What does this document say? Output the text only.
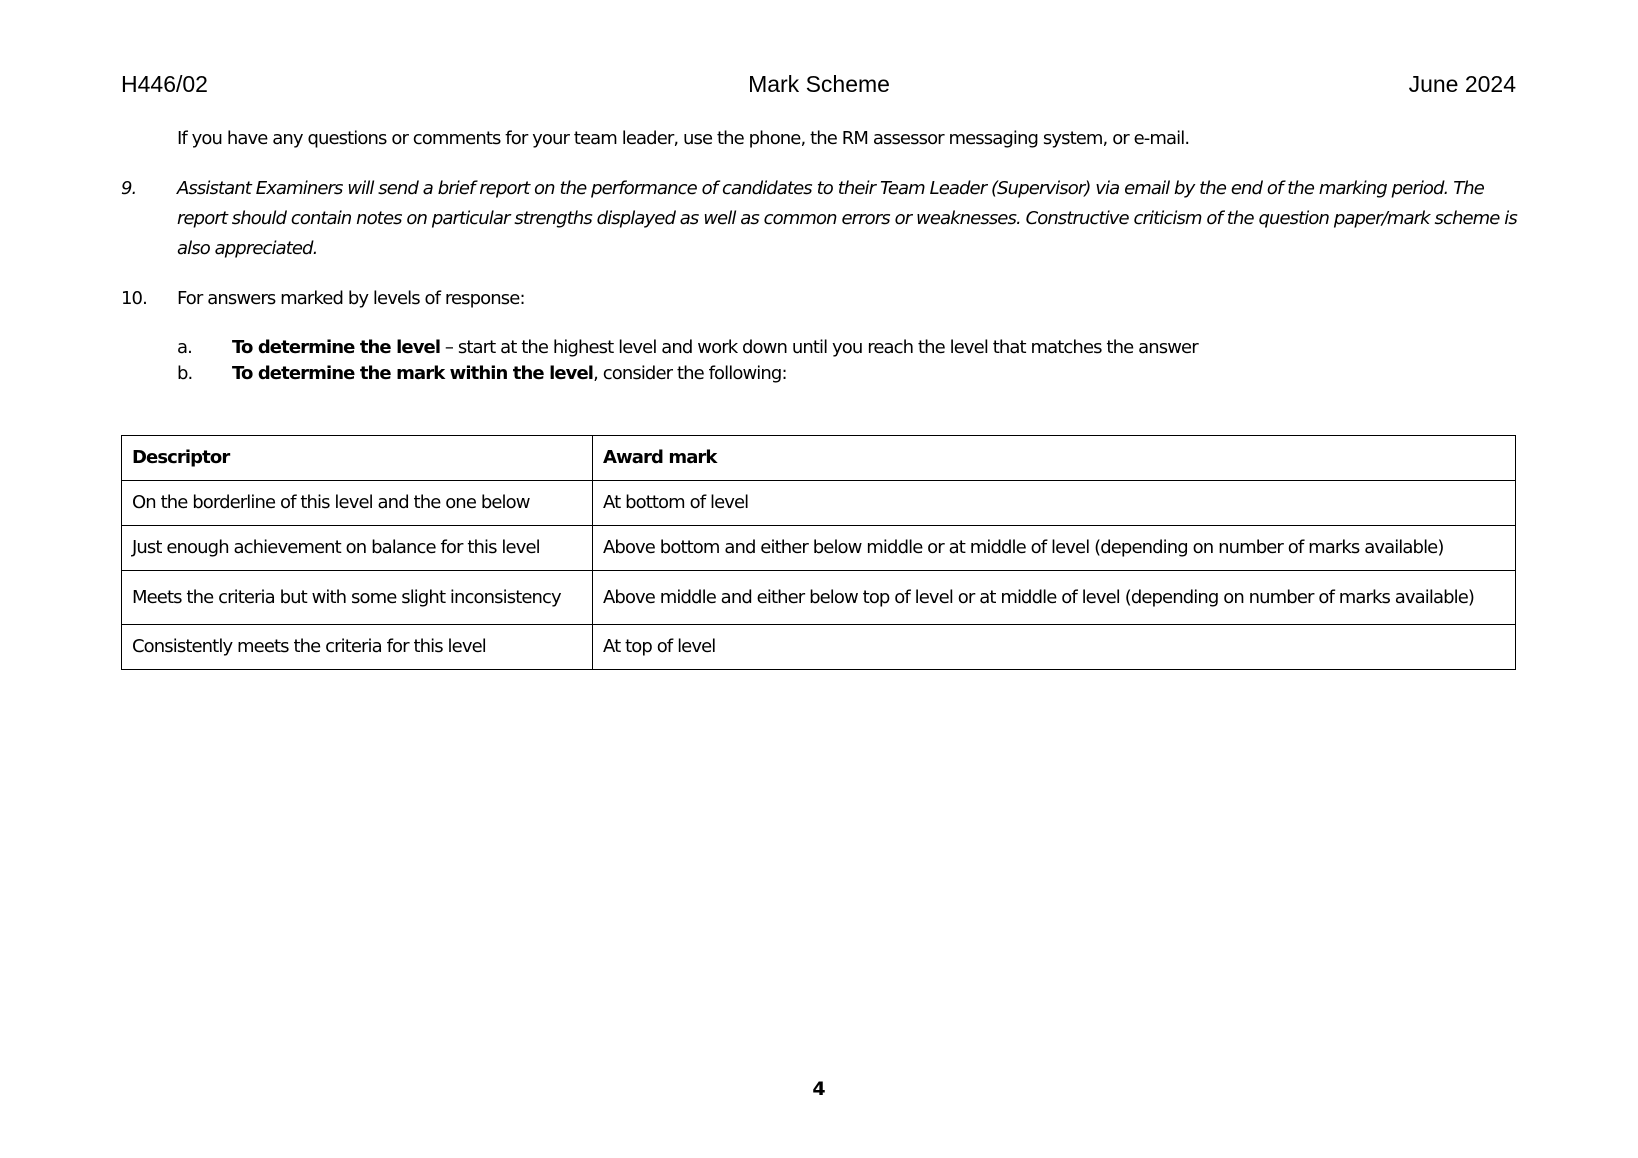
H446/02	Mark Scheme	June 2024
If you have any questions or comments for your team leader, use the phone, the RM assessor messaging system, or e-mail.
9. Assistant Examiners will send a brief report on the performance of candidates to their Team Leader (Supervisor) via email by the end of the marking period. The report should contain notes on particular strengths displayed as well as common errors or weaknesses. Constructive criticism of the question paper/mark scheme is also appreciated.
10. For answers marked by levels of response:
a. To determine the level – start at the highest level and work down until you reach the level that matches the answer
b. To determine the mark within the level, consider the following:
Descriptor	Award mark
On the borderline of this level and the one below	At bottom of level
Just enough achievement on balance for this level	Above bottom and either below middle or at middle of level (depending on number of marks available)
Meets the criteria but with some slight inconsistency	Above middle and either below top of level or at middle of level (depending on number of marks available)
Consistently meets the criteria for this level	At top of level
4
